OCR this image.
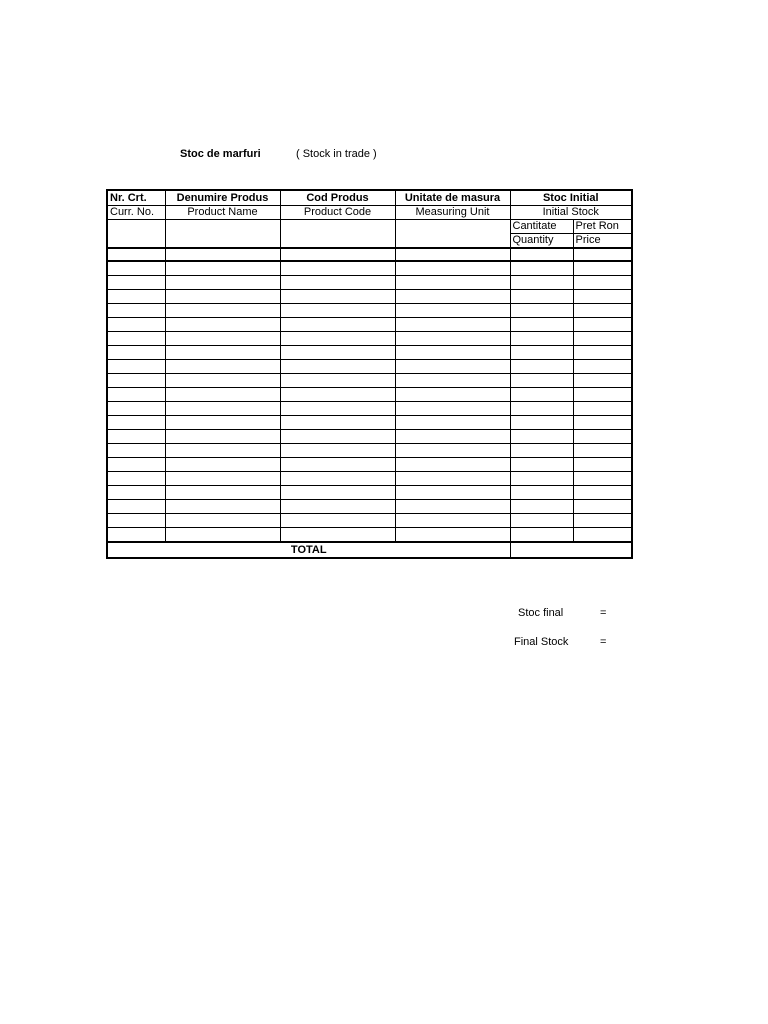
Stoc de marfuri	( Stock in trade )
Nr. Crt.	Denumire Produs	Cod Produs	Unitate de masura	Stoc Initial	
Curr. No.	Product Name	Product Code	Measuring Unit	Initial Stock	
				Cantitate	Pret Ron
				Quantity	Price

TOTAL					
Stoc final	=
Final Stock	=
